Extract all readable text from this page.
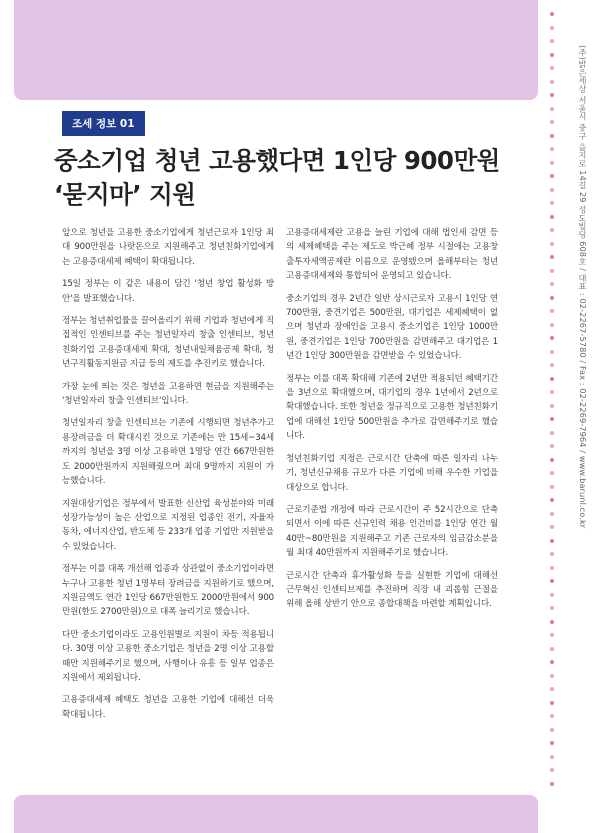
(주)밝은세상 서울시 중구 을지로 14길 29 성도빌딩 608호 / 대표 : 02-2267-5780 / Fax : 02-2269-7964 / www.barunl.co.kr
조세 정보 01
중소기업 청년 고용했다면 1인당 900만원
‘묻지마’ 지원

앞으로 청년을 고용한 중소기업에게 청년근로자 1인당 최대 900만원을 나랏돈으로 지원해주고 청년친화기업에게는 고용증대세제 혜택이 확대됩니다.

15일 정부는 이 같은 내용이 담긴 '청년 창업 활성화 방안'을 발표했습니다.

정부는 청년취업률을 끌어올리기 위해 기업과 청년에게 직접적인 인센티브를 주는 청년일자리 창출 인센티브, 청년친화기업 고용증대세제 확대, 청년내일채움공제 확대, 청년구직활동지원금 지급 등의 제도를 추진키로 했습니다.

가장 눈에 띄는 것은 청년을 고용하면 현금을 지원해주는 '청년일자리 창출 인센티브'입니다.

청년일자리 창출 인센티브는 기존에 시행되면 청년추가고용장려금을 더 확대시킨 것으로 기존에는 만 15세~34세까지의 청년을 3명 이상 고용하면 1명당 연간 667만원한도 2000만원까지 지원해줬으며 최대 9명까지 지원이 가능했습니다.

지원대상기업은 정부에서 발표한 신산업 육성분야와 미래성장가능성이 높은 산업으로 지정된 업종인 전기, 자율자동차, 에너지산업, 반도체 등 233개 업종 기업만 지원받을 수 있었습니다.

정부는 이를 대폭 개선해 업종과 상관없이 중소기업이라면 누구나 고용한 청년 1명부터 장려금을 지원하기로 했으며, 지원금액도 연간 1인당 667만원한도 2000만원에서 900만원(한도 2700만원)으로 대폭 늘리기로 했습니다.

다만 중소기업이라도 고용인원별로 지원이 차등 적용됩니다. 30명 이상 고용한 중소기업은 청년을 2명 이상 고용할 때만 지원해주기로 했으며, 사행이나 유흥 등 일부 업종은 지원에서 제외됩니다.

고용증대세제 혜택도 청년을 고용한 기업에 대해선 더욱 확대됩니다.

고용증대세제란 고용을 늘린 기업에 대해 법인세 감면 등의 세제혜택을 주는 제도로 박근혜 정부 시절에는 고용창출투자세액공제란 이름으로 운영됐으며 올해부터는 청년고용증대세제와 통합되어 운영되고 있습니다.

중소기업의 경우 2년간 일반 상시근로자 고용시 1인당 연 700만원, 중견기업은 500만원, 대기업은 세제혜택이 없으며 청년과 장애인을 고용시 중소기업은 1인당 1000만원, 중견기업은 1인당 700만원을 감면해주고 대기업은 1년간 1인당 300만원을 감면받을 수 있었습니다.

정부는 이를 대폭 확대해 기존에 2년만 적용되던 혜택기간을 3년으로 확대했으며, 대기업의 경우 1년에서 2년으로 확대했습니다. 또한 청년을 정규직으로 고용한 청년친화기업에 대해선 1인당 500만원을 추가로 감면해주기로 했습니다.

청년친화기업 지정은 근로시간 단축에 따른 일자리 나누기, 청년신규채용 규모가 다른 기업에 비해 우수한 기업을 대상으로 합니다.

근로기준법 개정에 따라 근로시간이 주 52시간으로 단축되면서 이에 따른 신규인력 채용 인건비를 1인당 연간 월 40만~80만원을 지원해주고 기존 근로자의 임금감소분을 월 최대 40만원까지 지원해주기로 했습니다.

근로시간 단축과 휴가활성화 등을 실현한 기업에 대해선 근무혁신 인센티브제를 추진하며 직장 내 괴롭힘 근절을 위해 올해 상반기 안으로 종합대책을 마련할 계획입니다.
